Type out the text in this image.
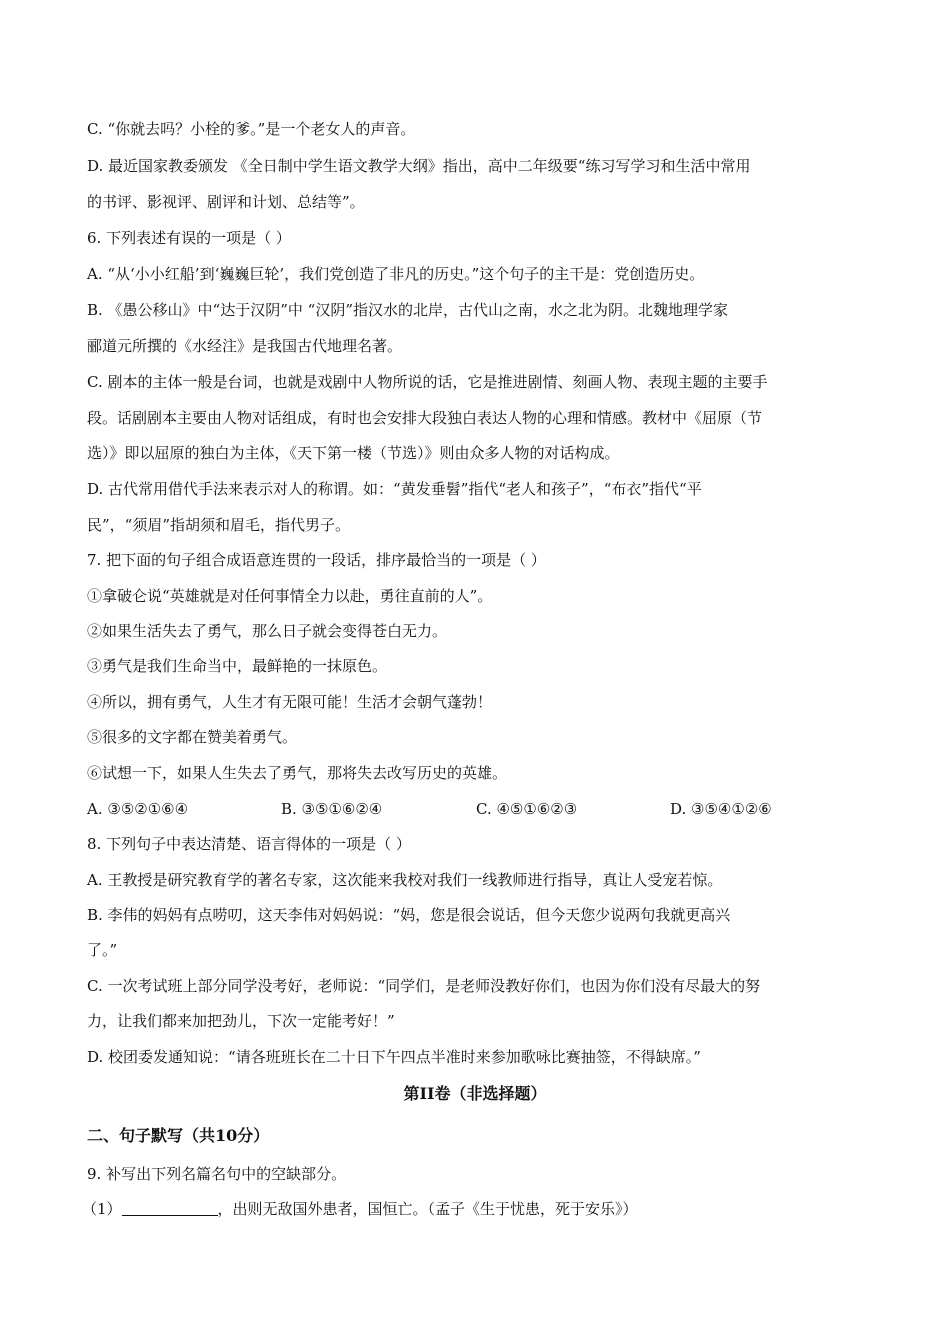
C. “你就去吗？小栓的爹。”是一个老女人的声音。
D. 最近国家教委颁发 《全日制中学生语文教学大纲》指出，高中二年级要“练习写学习和生活中常用
的书评、影视评、剧评和计划、总结等”。
6. 下列表述有误的一项是（ ）
A. “从‘小小红船’到‘巍巍巨轮’，我们党创造了非凡的历史。”这个句子的主干是：党创造历史。
B. 《愚公移山》中“达于汉阴”中 “汉阴”指汉水的北岸，古代山之南，水之北为阴。北魏地理学家
郦道元所撰的《水经注》是我国古代地理名著。
C. 剧本的主体一般是台词，也就是戏剧中人物所说的话，它是推进剧情、刻画人物、表现主题的主要手
段。话剧剧本主要由人物对话组成，有时也会安排大段独白表达人物的心理和情感。教材中《屈原（节
选）》即以屈原的独白为主体，《天下第一楼（节选）》则由众多人物的对话构成。
D. 古代常用借代手法来表示对人的称谓。如：“黄发垂髫”指代“老人和孩子”，“布衣”指代“平
民”，“须眉”指胡须和眉毛，指代男子。
7. 把下面的句子组合成语意连贯的一段话，排序最恰当的一项是（ ）
①拿破仑说“英雄就是对任何事情全力以赴，勇往直前的人”。
②如果生活失去了勇气，那么日子就会变得苍白无力。
③勇气是我们生命当中，最鲜艳的一抹原色。
④所以，拥有勇气，人生才有无限可能！生活才会朝气蓬勃！
⑤很多的文字都在赞美着勇气。
⑥试想一下，如果人生失去了勇气，那将失去改写历史的英雄。
A. ③⑤②①⑥④	B. ③⑤①⑥②④	C. ④⑤①⑥②③	D. ③⑤④①②⑥
8. 下列句子中表达清楚、语言得体的一项是（ ）
A. 王教授是研究教育学的著名专家，这次能来我校对我们一线教师进行指导，真让人受宠若惊。
B. 李伟的妈妈有点唠叨，这天李伟对妈妈说：“妈，您是很会说话，但今天您少说两句我就更高兴
了。”
C. 一次考试班上部分同学没考好，老师说：“同学们，是老师没教好你们，也因为你们没有尽最大的努
力，让我们都来加把劲儿，下次一定能考好！”
D. 校团委发通知说：“请各班班长在二十日下午四点半准时来参加歌咏比赛抽签，不得缺席。”
第II卷（非选择题）
二、句子默写（共10分）
9. 补写出下列名篇名句中的空缺部分。
（1）	，出则无敌国外患者，国恒亡。（孟子《生于忧患，死于安乐》）
